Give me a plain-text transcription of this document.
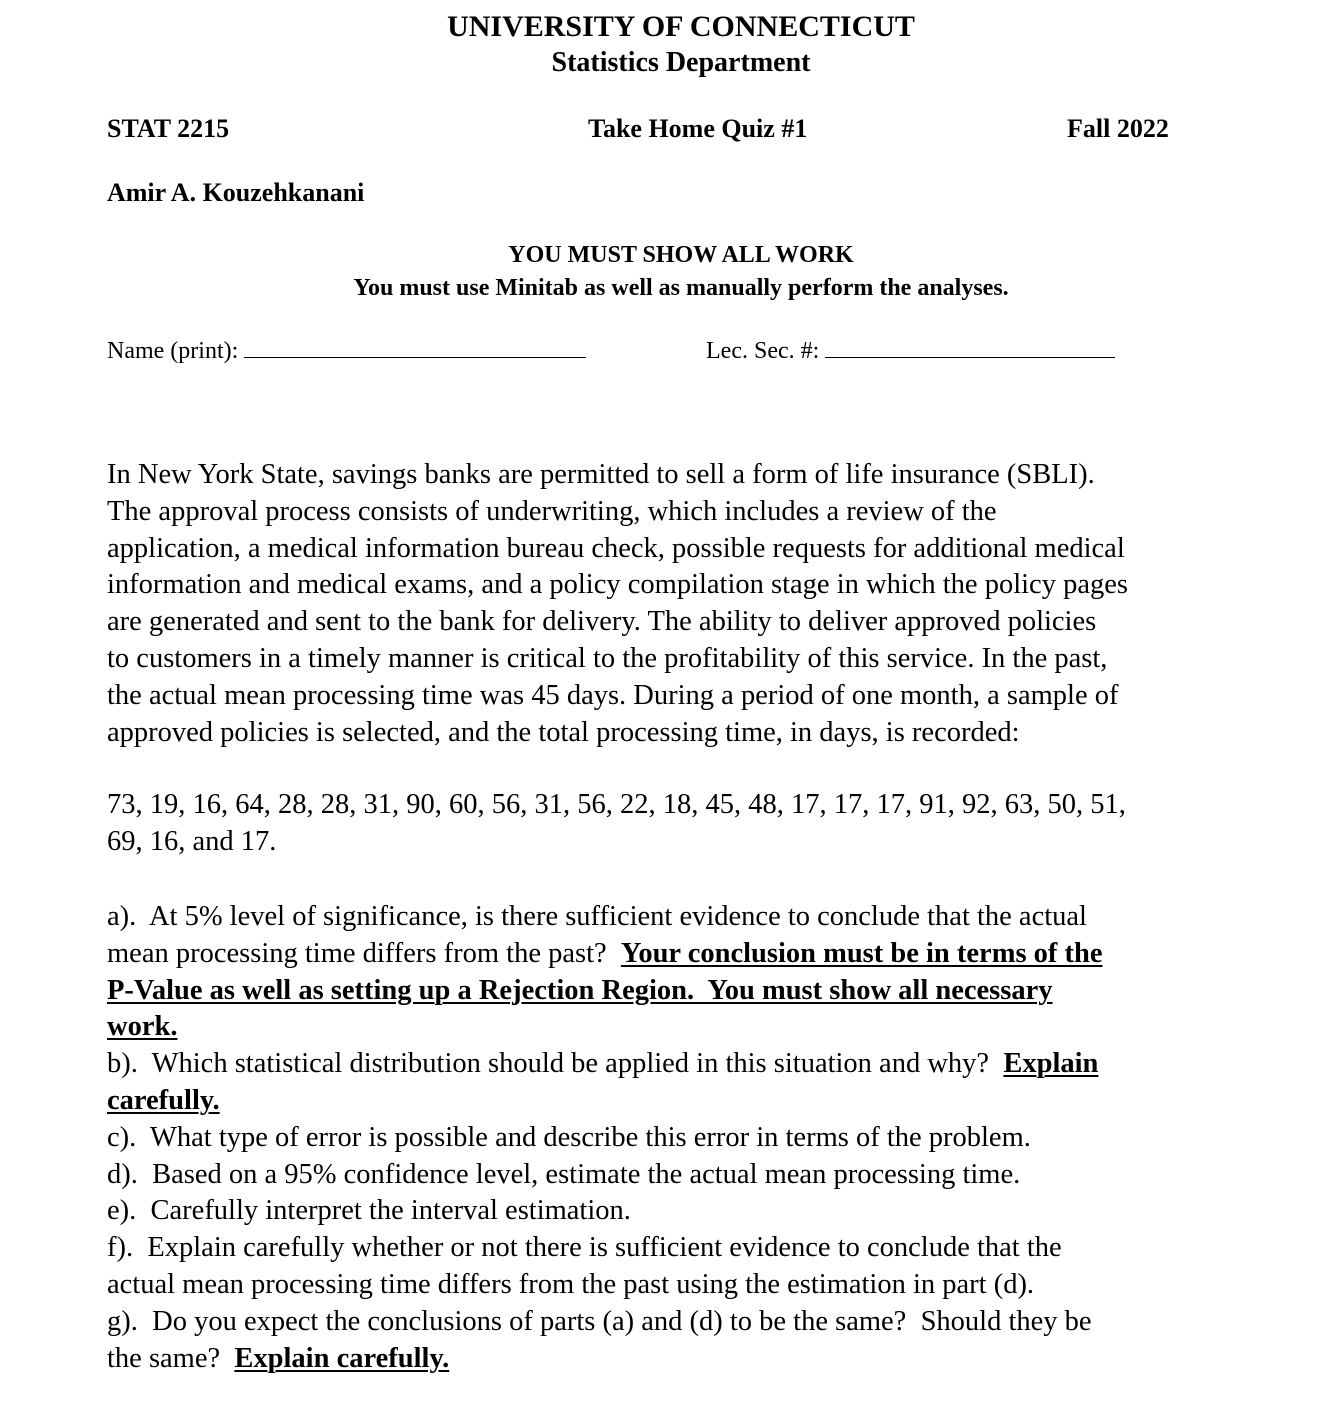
UNIVERSITY OF CONNECTICUT
Statistics Department
STAT 2215	Take Home Quiz #1	Fall 2022
Amir A. Kouzehkanani
YOU MUST SHOW ALL WORK
You must use Minitab as well as manually perform the analyses.
Name (print):	Lec. Sec. #:
In New York State, savings banks are permitted to sell a form of life insurance (SBLI).
The approval process consists of underwriting, which includes a review of the
application, a medical information bureau check, possible requests for additional medical
information and medical exams, and a policy compilation stage in which the policy pages
are generated and sent to the bank for delivery. The ability to deliver approved policies
to customers in a timely manner is critical to the profitability of this service. In the past,
the actual mean processing time was 45 days. During a period of one month, a sample of
approved policies is selected, and the total processing time, in days, is recorded:
73, 19, 16, 64, 28, 28, 31, 90, 60, 56, 31, 56, 22, 18, 45, 48, 17, 17, 17, 91, 92, 63, 50, 51,
69, 16, and 17.
a).  At 5% level of significance, is there sufficient evidence to conclude that the actual
mean processing time differs from the past?  Your conclusion must be in terms of the
P-Value as well as setting up a Rejection Region.  You must show all necessary
work.
b).  Which statistical distribution should be applied in this situation and why?  Explain
carefully.
c).  What type of error is possible and describe this error in terms of the problem.
d).  Based on a 95% confidence level, estimate the actual mean processing time.
e).  Carefully interpret the interval estimation.
f).  Explain carefully whether or not there is sufficient evidence to conclude that the
actual mean processing time differs from the past using the estimation in part (d).
g).  Do you expect the conclusions of parts (a) and (d) to be the same?  Should they be
the same?  Explain carefully.
